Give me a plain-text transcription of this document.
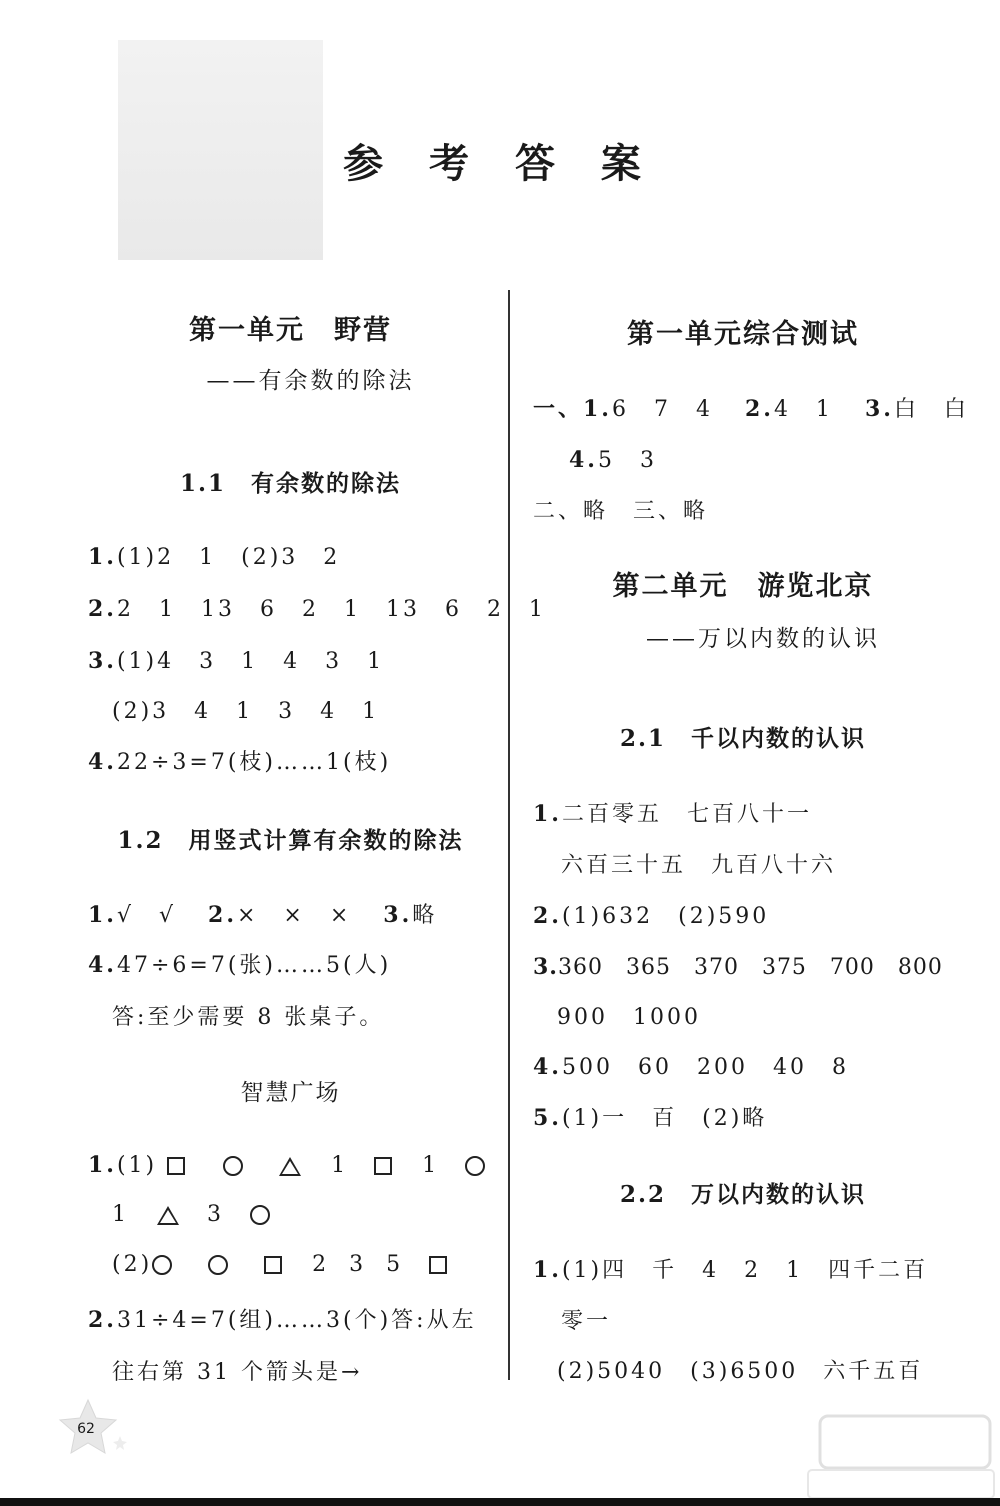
参 考 答 案
第一单元　野营
——有余数的除法
1.1　有余数的除法
1.(1)2　1　(2)3　2
2.2　1　13　6　2　1　13　6　2　1
3.(1)4　3　1　4　3　1
(2)3　4　1　3　4　1
4.22÷3=7(枝)……1(枝)
1.2　用竖式计算有余数的除法
1.√　√ 2.×　×　× 3.略
4.47÷6=7(张)……5(人)
答:至少需要 8 张桌子。
智慧广场
1.(1)	1	1
1	3
(2)	2 3 5
2.31÷4=7(组)……3(个)答:从左
往右第 31 个箭头是→
第一单元综合测试
一、1.6　7　4 2.4　1 3.白　白
4.5　3
二、略　三、略
第二单元　游览北京
——万以内数的认识
2.1　千以内数的认识
1.二百零五　七百八十一
六百三十五　九百八十六
2.(1)632　(2)590
3.360　365　370　375　700　800
900　1000
4.500　60　200　40　8
5.(1)一　百　(2)略
2.2　万以内数的认识
1.(1)四　千　4　2　1　四千二百
零一
(2)5040　(3)6500　六千五百
62
